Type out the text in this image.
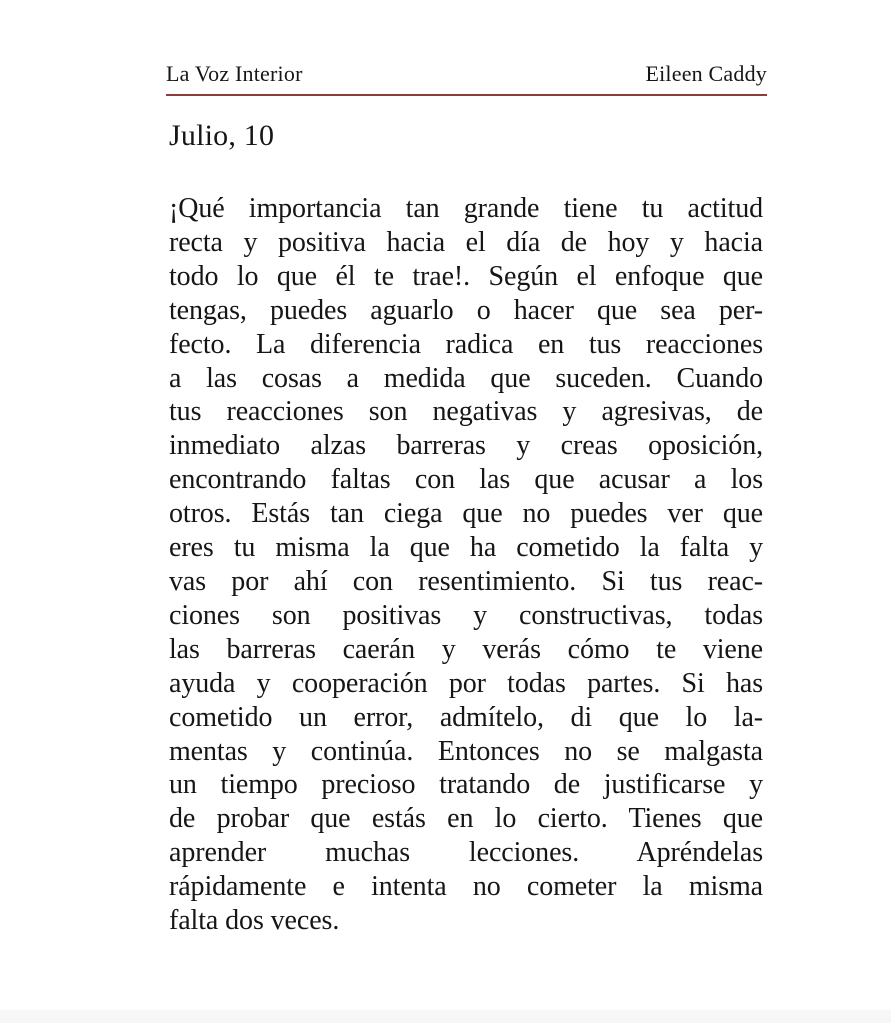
La Voz Interior	Eileen Caddy
Julio, 10
¡Qué importancia tan grande tiene tu actitud
recta y positiva hacia el día de hoy y hacia
todo lo que él te trae!. Según el enfoque que
tengas, puedes aguarlo o hacer que sea per-
fecto. La diferencia radica en tus reacciones
a las cosas a medida que suceden. Cuando
tus reacciones son negativas y agresivas, de
inmediato alzas barreras y creas oposición,
encontrando faltas con las que acusar a los
otros. Estás tan ciega que no puedes ver que
eres tu misma la que ha cometido la falta y
vas por ahí con resentimiento. Si tus reac-
ciones son positivas y constructivas, todas
las barreras caerán y verás cómo te viene
ayuda y cooperación por todas partes. Si has
cometido un error, admítelo, di que lo la-
mentas y continúa. Entonces no se malgasta
un tiempo precioso tratando de justificarse y
de probar que estás en lo cierto. Tienes que
aprender muchas lecciones. Apréndelas
rápidamente e intenta no cometer la misma
falta dos veces.
